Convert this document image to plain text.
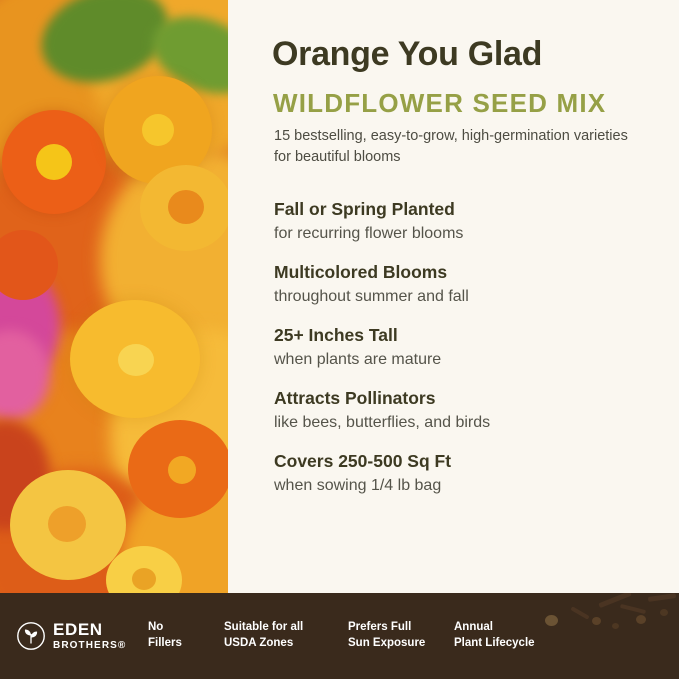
Orange You Glad
WILDFLOWER SEED MIX
15 bestselling, easy-to-grow, high-germination varieties for beautiful blooms
Fall or Spring Planted
for recurring flower blooms
Multicolored Blooms
throughout summer and fall
25+ Inches Tall
when plants are mature
Attracts Pollinators
like bees, butterflies, and birds
Covers 250-500 Sq Ft
when sowing 1/4 lb bag
EDEN
BROTHERS®
No
Fillers
Suitable for all
USDA Zones
Prefers Full
Sun Exposure
Annual
Plant Lifecycle
